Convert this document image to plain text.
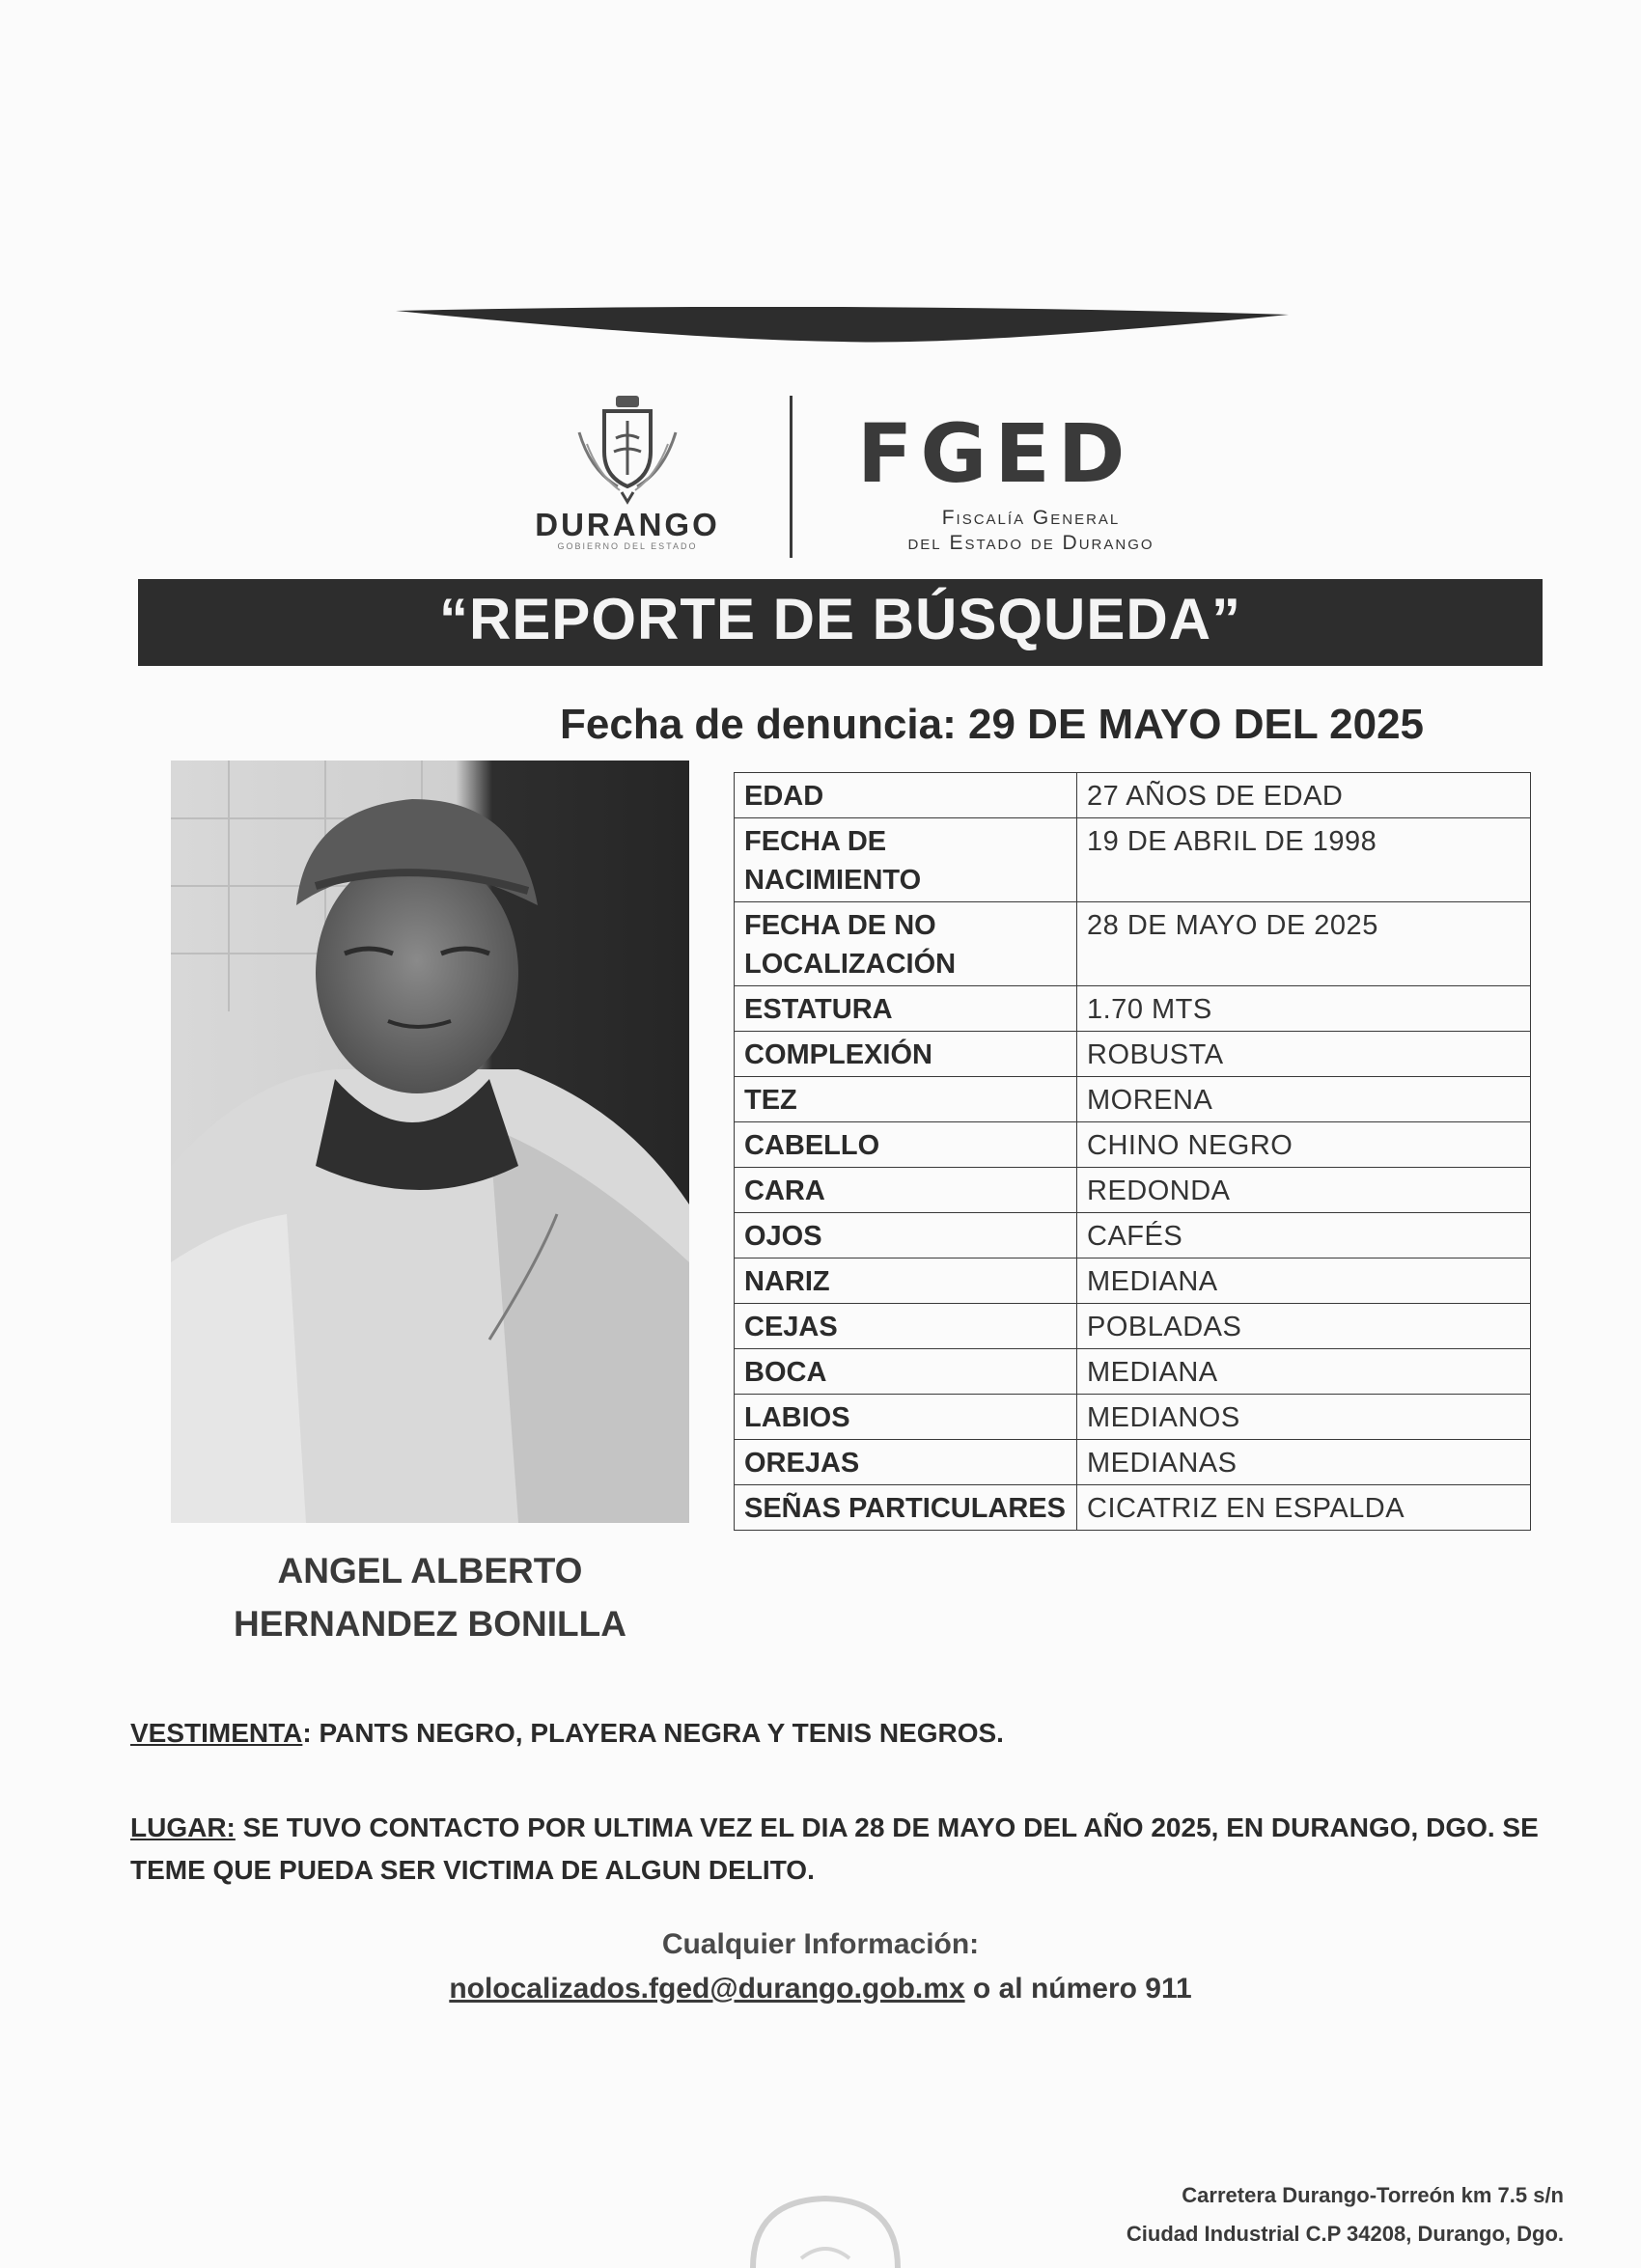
DURANGO
GOBIERNO DEL ESTADO
FGED
Fiscalía General
del Estado de Durango
“REPORTE DE BÚSQUEDA”
Fecha de denuncia: 29 DE MAYO DEL 2025
EDAD	27 AÑOS DE EDAD
FECHA DE NACIMIENTO	19 DE ABRIL DE 1998
FECHA DE NO LOCALIZACIÓN	28 DE MAYO DE 2025
ESTATURA	1.70 MTS
COMPLEXIÓN	ROBUSTA
TEZ	MORENA
CABELLO	CHINO NEGRO
CARA	REDONDA
OJOS	CAFÉS
NARIZ	MEDIANA
CEJAS	POBLADAS
BOCA	MEDIANA
LABIOS	MEDIANOS
OREJAS	MEDIANAS
SEÑAS PARTICULARES	CICATRIZ EN ESPALDA
ANGEL ALBERTO
HERNANDEZ BONILLA
VESTIMENTA: PANTS NEGRO, PLAYERA NEGRA Y TENIS NEGROS.
LUGAR: SE TUVO CONTACTO POR ULTIMA VEZ EL DIA 28 DE MAYO DEL AÑO 2025, EN DURANGO, DGO. SE TEME QUE PUEDA SER VICTIMA DE ALGUN DELITO.
Cualquier Información:
nolocalizados.fged@durango.gob.mx o al número 911
Carretera Durango-Torreón km 7.5 s/n
Ciudad Industrial C.P 34208, Durango, Dgo.
